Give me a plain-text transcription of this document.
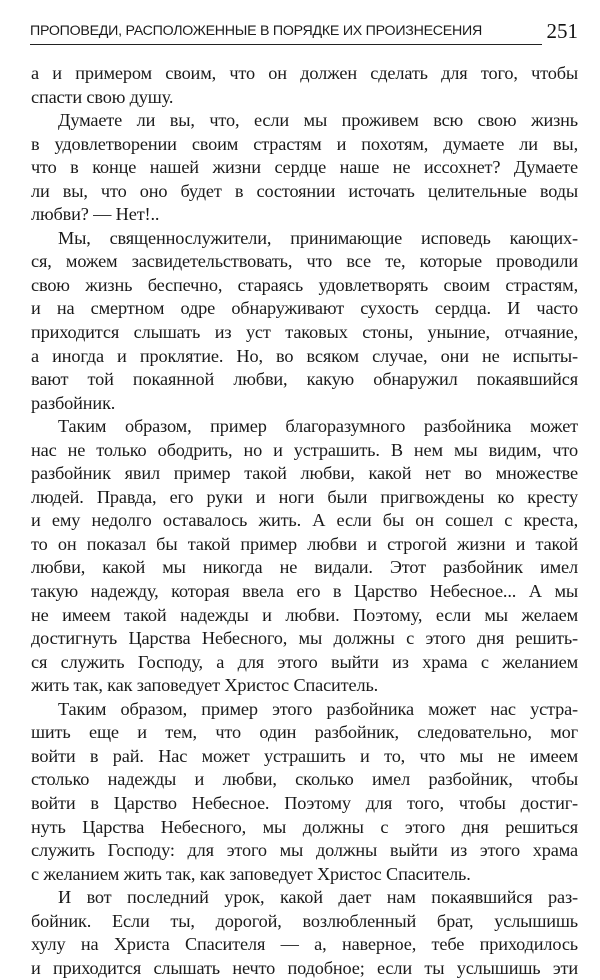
ПРОПОВЕДИ, РАСПОЛОЖЕННЫЕ В ПОРЯДКЕ ИХ ПРОИЗНЕСЕНИЯ	251
а и примером своим, что он должен сделать для того, чтобы
спасти свою душу.
Думаете ли вы, что, если мы проживем всю свою жизнь
в удовлетворении своим страстям и похотям, думаете ли вы,
что в конце нашей жизни сердце наше не иссохнет? Думаете
ли вы, что оно будет в состоянии источать целительные воды
любви? — Нет!..
Мы, священнослужители, принимающие исповедь кающих-
ся, можем засвидетельствовать, что все те, которые проводили
свою жизнь беспечно, стараясь удовлетворять своим страстям,
и на смертном одре обнаруживают сухость сердца. И часто
приходится слышать из уст таковых стоны, уныние, отчаяние,
а иногда и проклятие. Но, во всяком случае, они не испыты-
вают той покаянной любви, какую обнаружил покаявшийся
разбойник.
Таким образом, пример благоразумного разбойника может
нас не только ободрить, но и устрашить. В нем мы видим, что
разбойник явил пример такой любви, какой нет во множестве
людей. Правда, его руки и ноги были пригвождены ко кресту
и ему недолго оставалось жить. А если бы он сошел с креста,
то он показал бы такой пример любви и строгой жизни и такой
любви, какой мы никогда не видали. Этот разбойник имел
такую надежду, которая ввела его в Царство Небесное... А мы
не имеем такой надежды и любви. Поэтому, если мы желаем
достигнуть Царства Небесного, мы должны с этого дня решить-
ся служить Господу, а для этого выйти из храма с желанием
жить так, как заповедует Христос Спаситель.
Таким образом, пример этого разбойника может нас устра-
шить еще и тем, что один разбойник, следовательно, мог
войти в рай. Нас может устрашить и то, что мы не имеем
столько надежды и любви, сколько имел разбойник, чтобы
войти в Царство Небесное. Поэтому для того, чтобы достиг-
нуть Царства Небесного, мы должны с этого дня решиться
служить Господу: для этого мы должны выйти из этого храма
с желанием жить так, как заповедует Христос Спаситель.
И вот последний урок, какой дает нам покаявшийся раз-
бойник. Если ты, дорогой, возлюбленный брат, услышишь
хулу на Христа Спасителя — а, наверное, тебе приходилось
и приходится слышать нечто подобное; если ты услышишь эти
